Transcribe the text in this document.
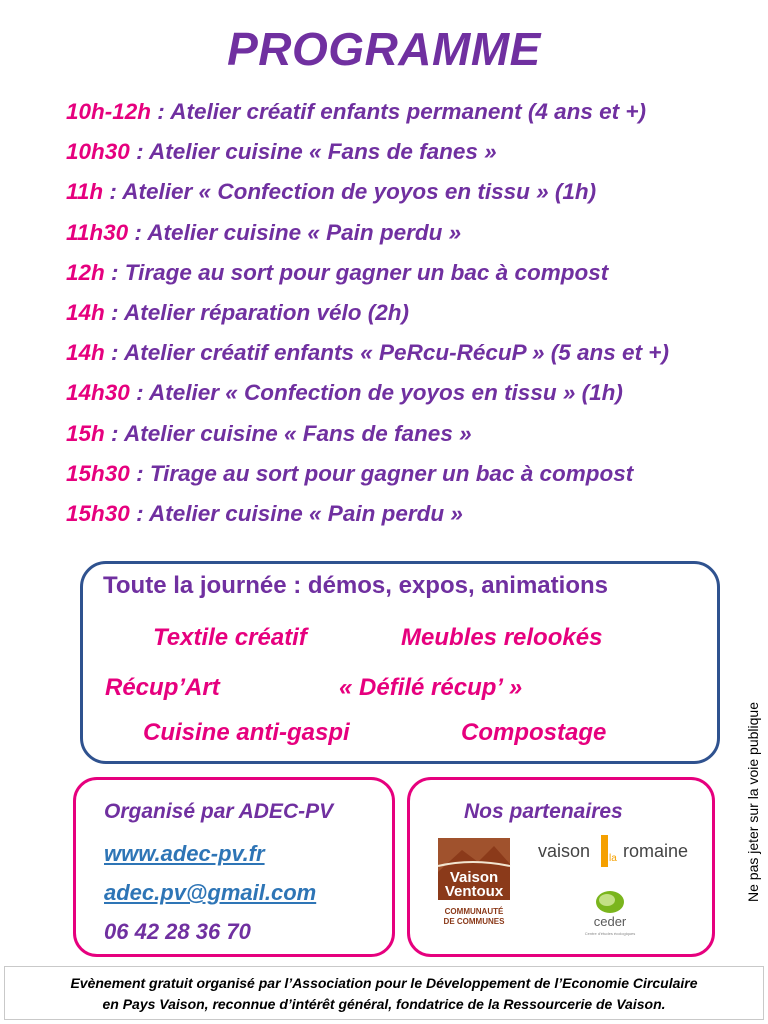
PROGRAMME
10h-12h : Atelier créatif enfants permanent (4 ans et +)
10h30 : Atelier cuisine « Fans de fanes »
11h : Atelier « Confection de yoyos en tissu » (1h)
11h30 : Atelier cuisine « Pain perdu »
12h : Tirage au sort pour gagner un bac à compost
14h : Atelier réparation vélo (2h)
14h : Atelier créatif enfants « PeRcu-RécuP » (5 ans et +)
14h30 : Atelier « Confection de yoyos en tissu » (1h)
15h : Atelier cuisine « Fans de fanes »
15h30 : Tirage au sort pour gagner un bac à compost
15h30 : Atelier cuisine « Pain perdu »
Toute la journée : démos, expos, animations
Textile créatif	Meubles relookés
Récup’Art	« Défilé récup’ »
Cuisine anti-gaspi	Compostage
Organisé par ADEC-PV
www.adec-pv.fr
adec.pv@gmail.com
06 42 28 36 70
Nos partenaires
Vaison
Ventoux
COMMUNAUTÉ
DE COMMUNES
vaison la romaine
ceder
Centre d'études écologiques
Ne pas jeter sur la voie publique
Evènement gratuit organisé par l’Association pour le Développement de l’Economie Circulaire
en Pays Vaison, reconnue d’intérêt général, fondatrice de la Ressourcerie de Vaison.
